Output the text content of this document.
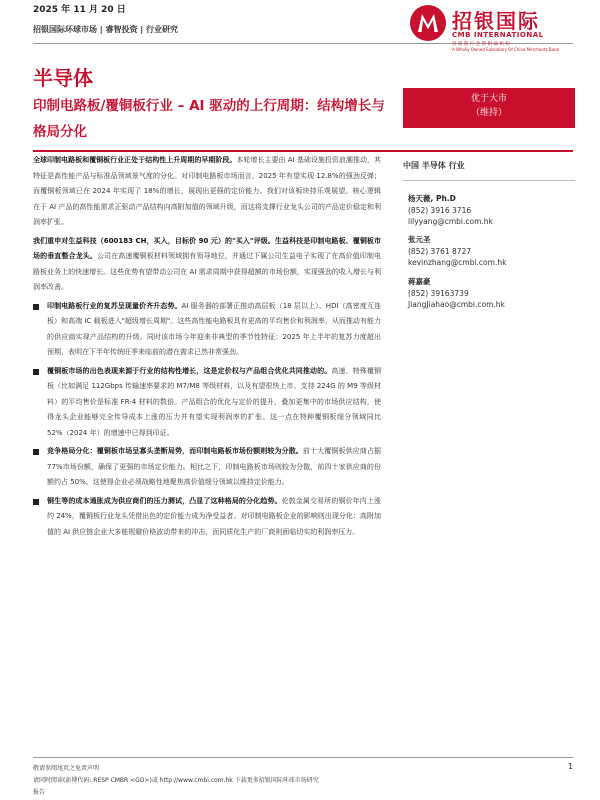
2025 年 11 月 20 日
招银国际环球市场 | 睿智投资 | 行业研究	招银国际
CMB INTERNATIONAL
招 商 银 行 全 资 附 属 机 构
A Wholly Owned Subsidiary Of China Merchants Bank
半导体
印制电路板/覆铜板行业 – AI 驱动的上行周期：结构增长与格局分化
优于大市
（维持）

全球印制电路板和覆铜板行业正处于结构性上升周期的早期阶段。本轮增长主要由 AI 基础设施投资浪潮推动，其特征是高性能产品与标准品领域景气度的分化。对印制电路板市场而言，2025 年有望实现 12.8%的强劲反弹；而覆铜板领域已在 2024 年实现了 18%的增长，展现出更强的定价能力。我们对该板块持乐观展望。核心逻辑在于 AI 产品的高性能需求正驱动产品结构向高附加值的领域升级，而这将支撑行业龙头公司的产品定价稳定和利润率扩张。

我们重申对生益科技（600183 CH，买入，目标价 90 元）的"买入"评级。生益科技是印制电路板、覆铜板市场的垂直整合龙头。公司在高速覆铜板材料领域拥有领导地位，并通过下属公司生益电子实现了在高价值印制电路板业务上的快速增长。这些优势有望带动公司在 AI 需求周期中获得超额的市场份额，实现强劲的收入增长与利润率改善。

印制电路板行业的复苏呈现量价齐升态势。AI 服务器的部署正推动高层板（18 层以上）、HDI（高密度互连板）和高端 IC 载板进入"超级增长周期"。这些高性能电路板具有更高的平均售价和利润率，从而推动有能力的供应商实现产品结构的升级。同时该市场今年迎来非典型的季节性特征：2025 年上半年的复苏力度超出预期，表明在下半年传统旺季来临前的潜在需求已然非常强劲。
覆铜板市场的出色表现来源于行业的结构性增长，这是定价权与产品组合优化共同推动的。高速、特殊覆铜板（比如满足 112Gbps 传输速率要求的 M7/M8 等级材料，以及有望很快上市、支持 224G 的 M9 等级材料）的平均售价是标准 FR-4 材料的数倍。产品组合的优化与定价的提升，叠加更集中的市场供应结构，使得龙头企业能够完全传导成本上涨的压力并有望实现利润率的扩张。这一点在特种覆铜板细分领域同比 52%（2024 年）的增速中已得到印证。
竞争格局分化：覆铜板市场呈寡头垄断局势，而印制电路板市场份额则较为分散。前十大覆铜板供应商占据 77%市场份额，确保了更强的市场定价能力。相比之下，印制电路板市场则较为分散，前四十家供应商的份额约占 50%。这使得企业必须战略性地聚焦高价值细分领域以维持定价能力。
铜生等的成本通胀成为供应商们的压力测试，凸显了这种格局的分化趋势。伦敦金属交易所的铜价年内上涨约 24%，覆铜板行业龙头凭借出色的定价能力成为净受益者。对印制电路板企业的影响则出现分化：高附加值的 AI 供应链企业大多能规避价格波动带来的冲击，而同质化生产的厂商则面临切实的利润率压力。
中国 半导体 行业
杨天薇, Ph.D
(852) 3916 3716
lilyyang@cmbi.com.hk
张元圣
(852) 3761 8727
kevinzhang@cmbi.com.hk
蒋嘉豪
(852) 39163739
JiangJiahao@cmbi.com.hk
敬请参阅尾页之免责声明
请同时阅读(彭博代码: RESP CMBR <GO>)或 http://www.cmbi.com.hk 下载更多招银国际环球市场研究
报告
1
